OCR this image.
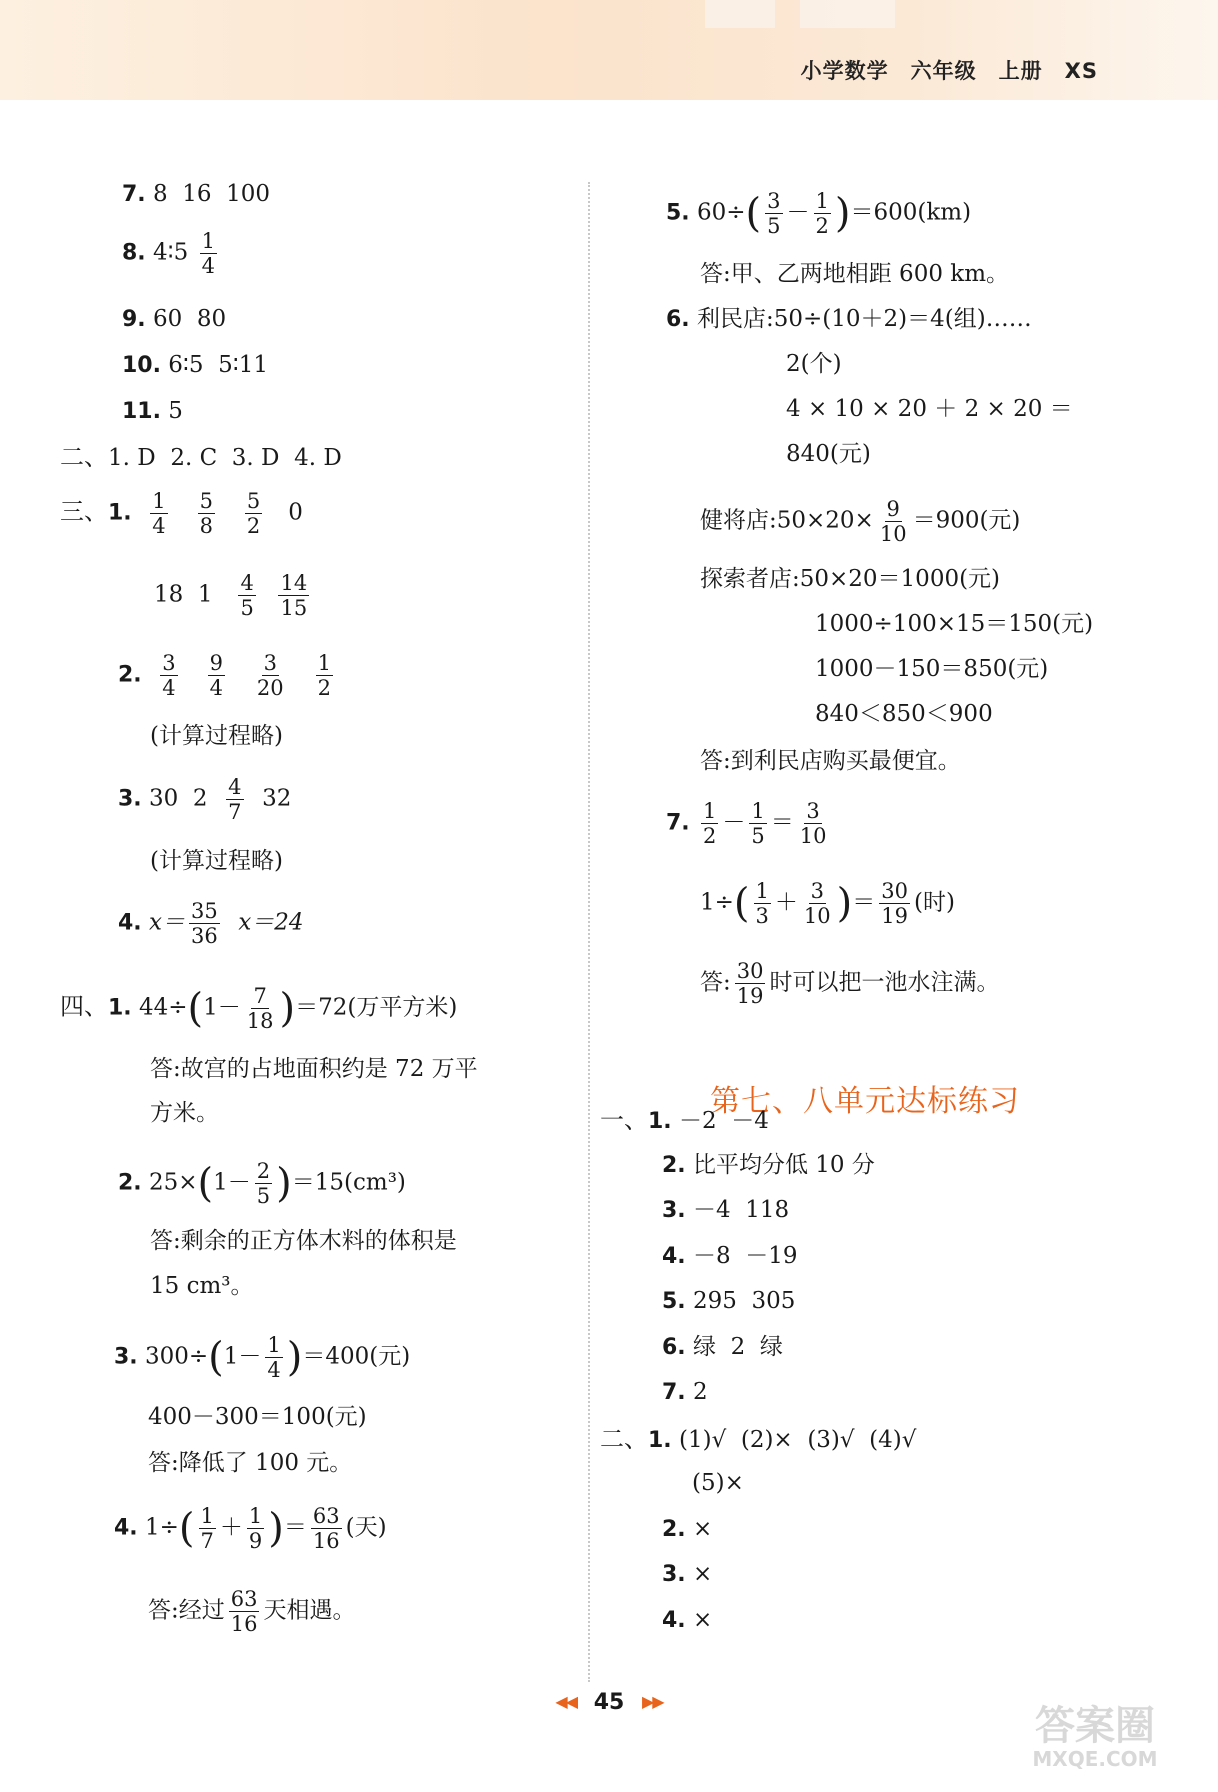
小学数学 六年级 上册 XS
7. 8  16  100
8. 4∶5 $\frac{1}{4}$
9. 60  80
10. 6∶5  5∶11
11. 5
二、1. D  2. C  3. D  4. D
三、1. $\frac{1}{4}$
$\frac{5}{8}$
$\frac{5}{2} 0$
18 $1 \frac{4}{5}$
$\frac{14}{15}$
2. $\frac{3}{4}$
$\frac{9}{4}$
$\frac{3}{20}$
$\frac{1}{2}$
(计算过程略)
3. 30 $2 \frac{4}{7} 32$
(计算过程略)
4. $x= \frac{35}{36} x=24$
四、1. $44\div(1- \frac{7}{18} )=72$(万平方米)
答:故宫的占地面积约是 72 万平
方米。
2. $25\times(1- \frac{2}{5} )=15(cm^3)$
答:剩余的正方体木料的体积是
15 cm³。
3. $300\div(1- \frac{1}{4} )=400$(元)
400－300＝100(元)
答:降低了 100 元。
4. $1\div( \frac{1}{7} + \frac{1}{9}$ )＝ $\frac{63}{16}$ (天)
答:经过 $\frac{63}{16}$ 天相遇。
5. $60\div( \frac{3}{5} - \frac{1}{2} )=600(km)$
答:甲、乙两地相距 600 km。
6. 利民店:50÷(10＋2)＝4(组)……
2(个)
4 × 10 × 20 ＋ 2 × 20 ＝
840(元)
健将店:50×20× $\frac{9}{10} =900$(元)
探索者店:50×20＝1000(元)
1000÷100×15＝150(元)
1000－150＝850(元)
840＜850＜900
答:到利民店购买最便宜。
7. $\frac{1}{2} - \frac{1}{5} = \frac{3}{10}$
$1\div( \frac{1}{3} + \frac{3}{10}$ )＝ $\frac{30}{19}$ (时)
答: $\frac{30}{19}$ 时可以把一池水注满。
第七、八单元达标练习
一、1. －2  －4
2. 比平均分低 10 分
3. －4  118
4. －8  －19
5. 295  305
6. 绿  2  绿
7. 2
二、1. (1)√  (2)×  (3)√  (4)√
(5)×
2. ×
3. ×
4. ×
◀◀ 45 ▶▶
答案圈
MXQE.COM
